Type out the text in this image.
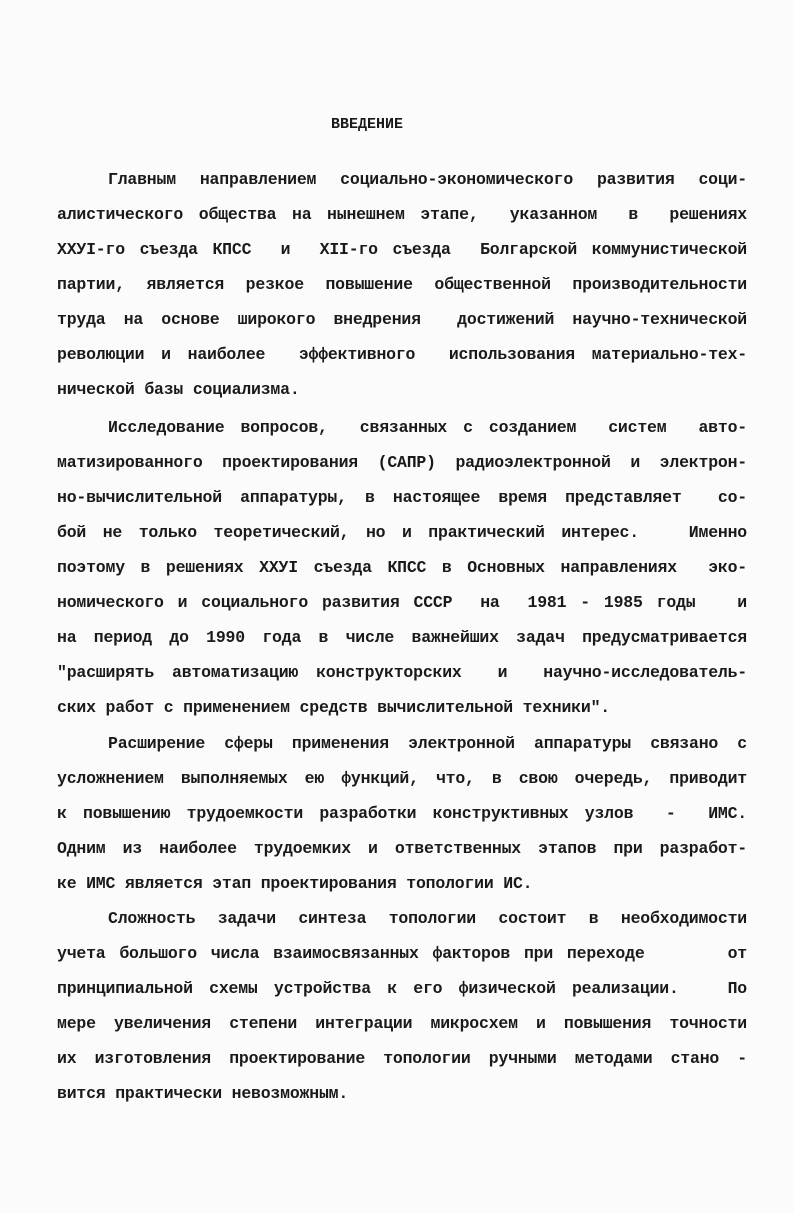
ВВЕДЕНИЕ
Главным направлением социально-экономического развития соци-
алистического общества на нынешнем этапе,  указанном  в  решениях
XXУI-го съезда КПСС  и  XII-го съезда  Болгарской коммунистической
партии, является резкое повышение общественной производительности
труда на основе широкого внедрения  достижений научно-технической
революции и наиболее  эффективного  использования материально-тех-
нической базы социализма.
Исследование вопросов,  связанных с созданием  систем  авто-
матизированного проектирования (САПР) радиоэлектронной и электрон-
но-вычислительной аппаратуры, в настоящее время представляет  со-
бой не только теоретический, но и практический интерес.   Именно
поэтому в решениях XXУI съезда КПСС в Основных направлениях  эко-
номического и социального развития СССР  на  1981 - 1985 годы   и
на период до 1990 года в числе важнейших задач предусматривается
"расширять автоматизацию конструкторских  и  научно-исследователь-
ских работ с применением средств вычислительной техники".
Расширение сферы применения электронной аппаратуры связано с
усложнением выполняемых ею функций, что, в свою очередь, приводит
к повышению трудоемкости разработки конструктивных узлов  -  ИМС.
Одним из наиболее трудоемких и ответственных этапов при разработ-
ке ИМС является этап проектирования топологии ИС.
Сложность задачи синтеза топологии состоит в необходимости
учета большого числа взаимосвязанных факторов при переходе      от
принципиальной схемы устройства к его физической реализации.   По
мере увеличения степени интеграции микросхем и повышения точности
их изготовления проектирование топологии ручными методами стано -
вится практически невозможным.
